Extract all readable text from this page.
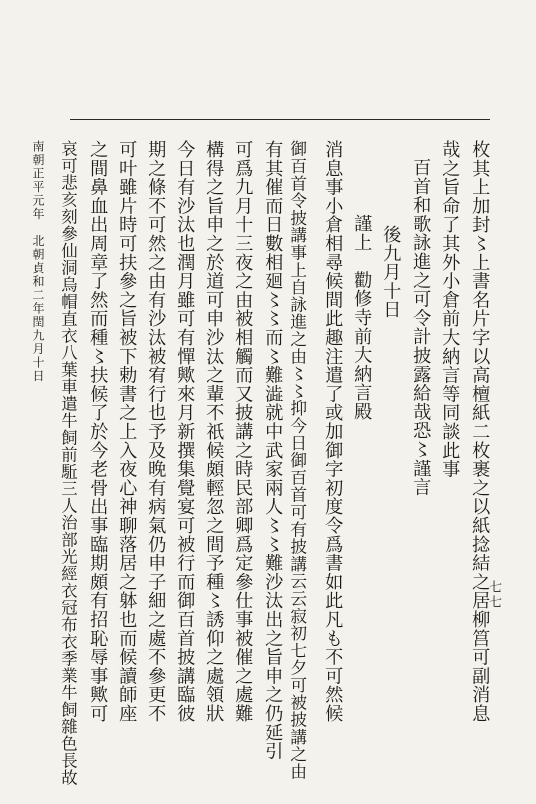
枚其上加封〻上書名片字以高檀紙二枚裹之以紙捻結之居柳筥可副消息
哉之旨命了其外小倉前大納言等同談此事
百首和歌詠進之可令計披露給哉恐〻謹言
後九月十日
謹上　勸修寺前大納言殿
消息事小倉相尋候間此趣注遣了或加御字初度令爲書如此凡も不可然候
御百首令披講事上自詠進之由〻〻抑今日御百首可有披講云云寂初七夕可被披講之由
有其催而日數相廻〻〻而〻難澁就中武家兩人〻〻難沙汰出之旨申之仍延引
可爲九月十三夜之由被相觸而又披講之時民部卿爲定參仕事被催之處難
構得之旨申之於道可申沙汰之輩不祇候頗輕忽之間予種〻誘仰之處領狀
今日有沙汰也潤月雖可有憚歟來月新撰集覺宴可被行而御百首披講臨彼
期之條不可然之由有沙汰被宥行也予及晚有病氣仍申子細之處不參更不
可叶雖片時可扶參之旨被下勅書之上入夜心神聊落居之躰也而候讀師座
之間鼻血出周章了然而種〻扶候了於今老骨出事臨期頗有招恥辱事歟可
哀可悲亥刻參仙洞烏帽直衣八葉車遣牛飼前駈三人治部光經衣冠布衣季業牛飼雜色長故
南朝正平元年　北朝貞和二年閏九月十日
七七
